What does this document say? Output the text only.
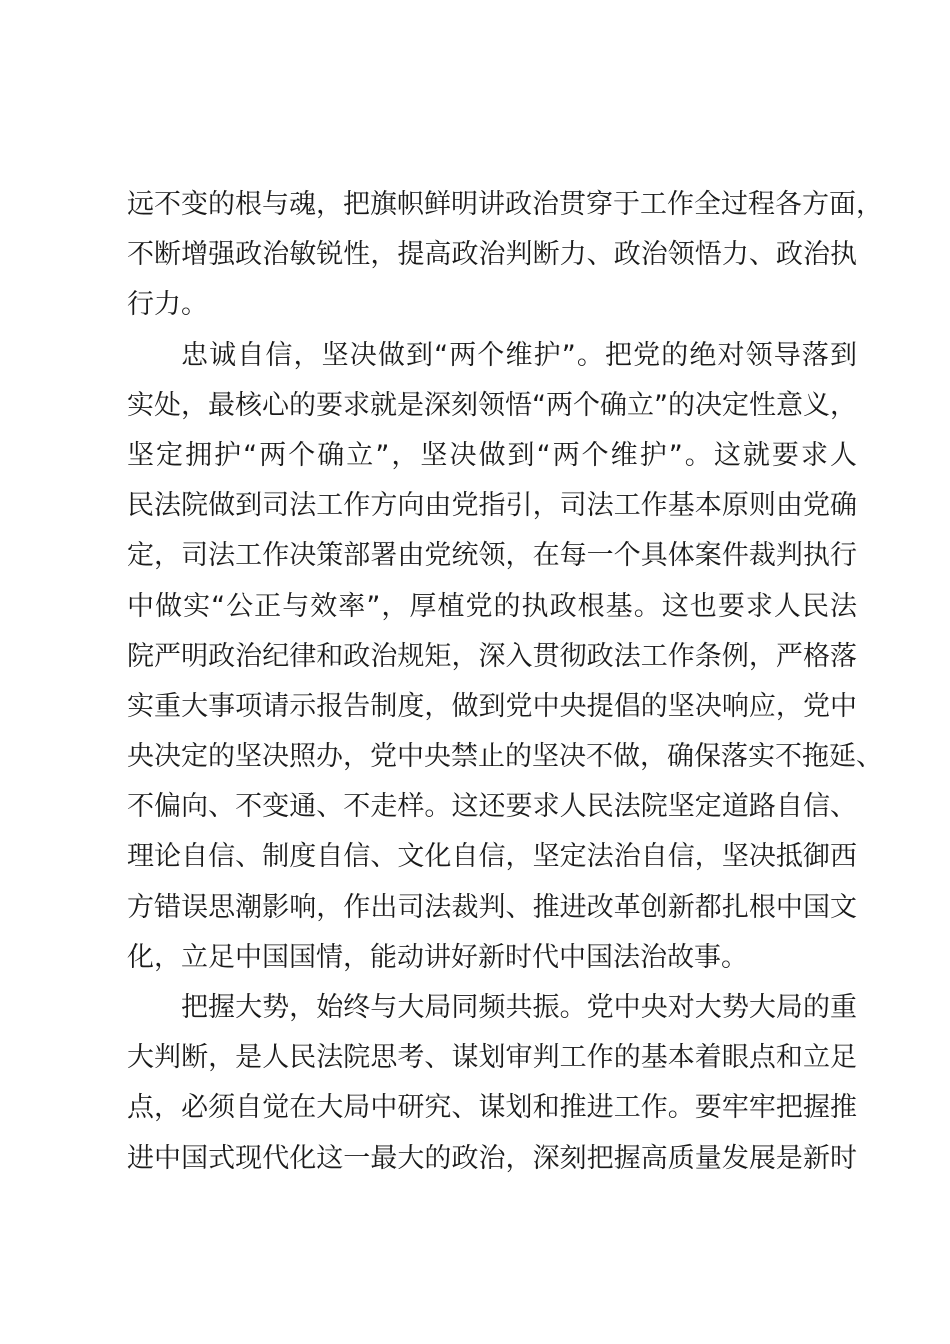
远不变的根与魂，把旗帜鲜明讲政治贯穿于工作全过程各方面，
不断增强政治敏锐性，提高政治判断力、政治领悟力、政治执
行力。
忠诚自信，坚决做到“两个维护”。把党的绝对领导落到
实处，最核心的要求就是深刻领悟“两个确立”的决定性意义，
坚定拥护“两个确立”，坚决做到“两个维护”。这就要求人
民法院做到司法工作方向由党指引，司法工作基本原则由党确
定，司法工作决策部署由党统领，在每一个具体案件裁判执行
中做实“公正与效率”，厚植党的执政根基。这也要求人民法
院严明政治纪律和政治规矩，深入贯彻政法工作条例，严格落
实重大事项请示报告制度，做到党中央提倡的坚决响应，党中
央决定的坚决照办，党中央禁止的坚决不做，确保落实不拖延、
不偏向、不变通、不走样。这还要求人民法院坚定道路自信、
理论自信、制度自信、文化自信，坚定法治自信，坚决抵御西
方错误思潮影响，作出司法裁判、推进改革创新都扎根中国文
化，立足中国国情，能动讲好新时代中国法治故事。
把握大势，始终与大局同频共振。党中央对大势大局的重
大判断，是人民法院思考、谋划审判工作的基本着眼点和立足
点，必须自觉在大局中研究、谋划和推进工作。要牢牢把握推
进中国式现代化这一最大的政治，深刻把握高质量发展是新时
